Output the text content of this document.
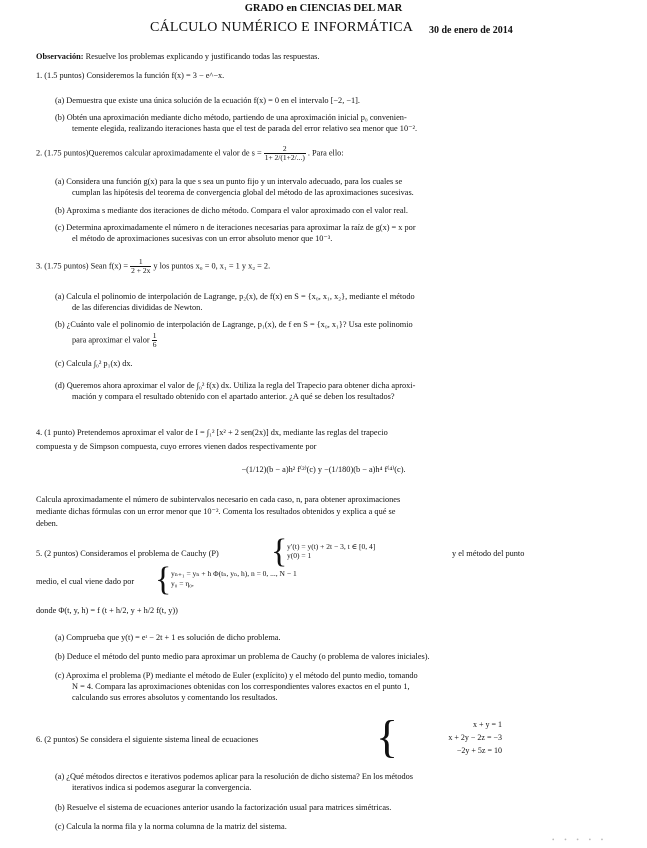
GRADO en CIENCIAS DEL MAR
CÁLCULO NUMÉRICO E INFORMÁTICA 30 de enero de 2014
Observación: Resuelve los problemas explicando y justificando todas las respuestas.
1. (1.5 puntos) Consideremos la función f(x) = 3 − e^−x.
(a) Demuestra que existe una única solución de la ecuación f(x) = 0 en el intervalo [−2, −1].
(b) Obtén una aproximación mediante dicho método, partiendo de una aproximación inicial p₀ convenien-
temente elegida, realizando iteraciones hasta que el test de parada del error relativo sea menor que 10⁻².
2. (1.75 puntos)Queremos calcular aproximadamente el valor de $s = \frac{2}{1+ 2/(1+2/...)}$ . Para ello:
(a) Considera una función g(x) para la que s sea un punto fijo y un intervalo adecuado, para los cuales se
cumplan las hipótesis del teorema de convergencia global del método de las aproximaciones sucesivas.
(b) Aproxima s mediante dos iteraciones de dicho método. Compara el valor aproximado con el valor real.
(c) Determina aproximadamente el número n de iteraciones necesarias para aproximar la raíz de g(x) = x por
el método de aproximaciones sucesivas con un error absoluto menor que 10⁻³.
3. (1.75 puntos) Sean $f(x) = \frac{1}{2 + 2x}$ y los puntos x₀ = 0, x₁ = 1 y x₂ = 2.
(a) Calcula el polinomio de interpolación de Lagrange, p₂(x), de f(x) en S = {x₀, x₁, x₂}, mediante el método
de las diferencias divididas de Newton.
(b) ¿Cuánto vale el polinomio de interpolación de Lagrange, p₁(x), de f en S = {x₀, x₁}? Usa este polinomio
para aproximar el valor $\frac{1}{6}$
(c) Calcula ∫₀² p₁(x) dx.
(d) Queremos ahora aproximar el valor de ∫₀² f(x) dx. Utiliza la regla del Trapecio para obtener dicha aproxi-
mación y compara el resultado obtenido con el apartado anterior. ¿A qué se deben los resultados?
4. (1 punto) Pretendemos aproximar el valor de I = ∫₁² [x² + 2 sen(2x)] dx, mediante las reglas del trapecio
compuesta y de Simpson compuesta, cuyo errores vienen dados respectivamente por
−(1/12)(b − a)h² f⁽²⁾(c) y −(1/180)(b − a)h⁴ f⁽⁴⁾(c).
Calcula aproximadamente el número de subintervalos necesario en cada caso, n, para obtener aproximaciones
mediante dichas fórmulas con un error menor que 10⁻². Comenta los resultados obtenidos y explica a qué se
deben.
5. (2 puntos) Consideramos el problema de Cauchy (P) { y′(t) = y(t) + 2t − 3, t ∈ [0, 4]
y(0) = 1	y el método del punto
medio, el cual viene dado por { yₙ₊₁ = yₙ + h Φ(tₙ, yₙ, h), n = 0, ..., N − 1
y₀ = η₀,
donde Φ(t, y, h) = f (t + h/2, y + h/2 f(t, y))
(a) Comprueba que y(t) = eᵗ − 2t + 1 es solución de dicho problema.
(b) Deduce el método del punto medio para aproximar un problema de Cauchy (o problema de valores iniciales).
(c) Aproxima el problema (P) mediante el método de Euler (explícito) y el método del punto medio, tomando
N = 4. Compara las aproximaciones obtenidas con los correspondientes valores exactos en el punto 1,
calculando sus errores absolutos y comentando los resultados.
6. (2 puntos) Se considera el siguiente sistema lineal de ecuaciones	{	x + y = 1
x + 2y − 2z = −3
−2y + 5z = 10
(a) ¿Qué métodos directos e iterativos podemos aplicar para la resolución de dicho sistema? En los métodos
iterativos indica si podemos asegurar la convergencia.
(b) Resuelve el sistema de ecuaciones anterior usando la factorización usual para matrices simétricas.
(c) Calcula la norma fila y la norma columna de la matriz del sistema.
• • • • •
